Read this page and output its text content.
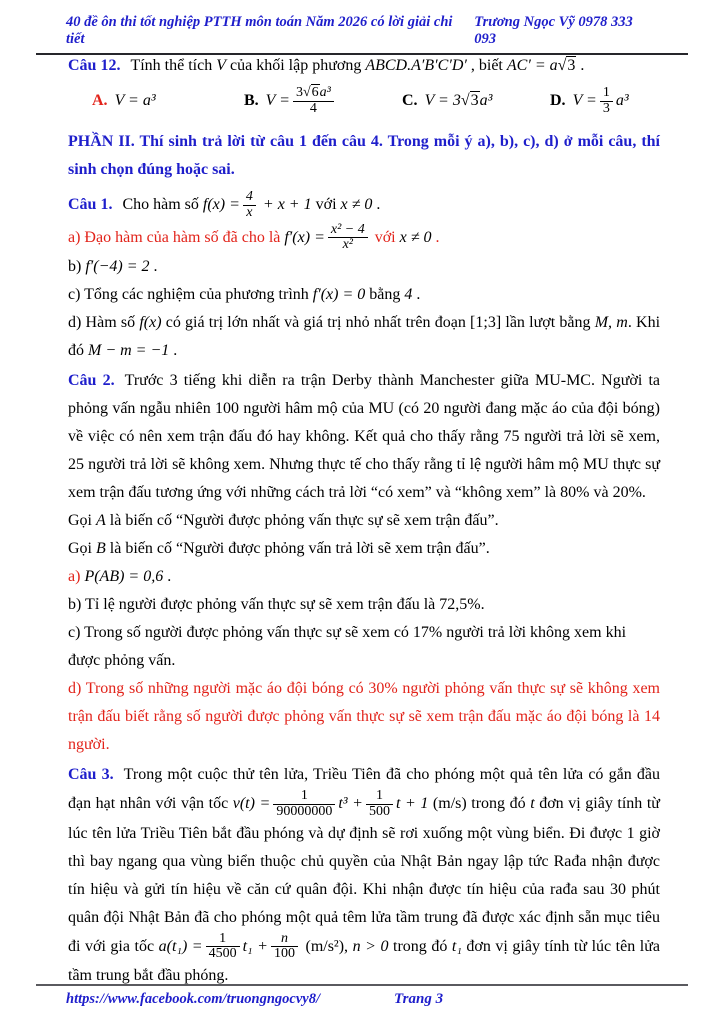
40 đề ôn thi tốt nghiệp PTTH môn toán Năm 2026 có lời giải chi tiết
Trương Ngọc Vỹ 0978 333 093

Câu 12. Tính thể tích V của khối lập phương ABCD.A′B′C′D′ , biết AC′ = a√3 .

A. V = a³	B. $V = \frac{\text{3√6a³}}{4}$	C. V = 3√3a³	D. $V = \frac{1}{3} a^3$

PHẦN II. Thí sinh trả lời từ câu 1 đến câu 4. Trong mỗi ý a), b), c), d) ở mỗi câu, thí sinh chọn đúng hoặc sai.

Câu 1. Cho hàm số $f(x) = \frac{4}{x} + x + 1$ với x ≠ 0 .

a) Đạo hàm của hàm số đã cho là $f'(x) = \frac{\text{x² − 4}}{\text{x²}}$ với x ≠ 0 .

b) f′(−4) = 2 .

c) Tổng các nghiệm của phương trình f′(x) = 0 bằng 4 .

d) Hàm số f(x) có giá trị lớn nhất và giá trị nhỏ nhất trên đoạn [1;3] lần lượt bằng M, m. Khi đó M − m = −1 .

Câu 2. Trước 3 tiếng khi diễn ra trận Derby thành Manchester giữa MU-MC. Người ta phỏng vấn ngẫu nhiên 100 người hâm mộ của MU (có 20 người đang mặc áo của đội bóng) về việc có nên xem trận đấu đó hay không. Kết quả cho thấy rằng 75 người trả lời sẽ xem, 25 người trả lời sẽ không xem. Nhưng thực tế cho thấy rằng tỉ lệ người hâm mộ MU thực sự xem trận đấu tương ứng với những cách trả lời “có xem” và “không xem” là 80% và 20%.

Gọi A là biến cố “Người được phỏng vấn thực sự sẽ xem trận đấu”.

Gọi B là biến cố “Người được phỏng vấn trả lời sẽ xem trận đấu”.

a) P(AB) = 0,6 .

b) Tỉ lệ người được phỏng vấn thực sự sẽ xem trận đấu là 72,5%.

c) Trong số người được phỏng vấn thực sự sẽ xem có 17% người trả lời không xem khi được phỏng vấn.

d) Trong số những người mặc áo đội bóng có 30% người phỏng vấn thực sự sẽ không xem trận đấu biết rằng số người được phỏng vấn thực sự sẽ xem trận đấu mặc áo đội bóng là 14 người.

Câu 3. Trong một cuộc thử tên lửa, Triều Tiên đã cho phóng một quả tên lửa có gắn đầu đạn hạt nhân với vận tốc $v(t) = \frac{1}{90000000} t^3 + \frac{1}{500}$ t + 1 (m/s) trong đó t đơn vị giây tính từ lúc tên lửa Triều Tiên bắt đầu phóng và dự định sẽ rơi xuống một vùng biển. Đi được 1 giờ thì bay ngang qua vùng biển thuộc chủ quyền của Nhật Bản ngay lập tức Rađa nhận được tín hiệu và gửi tín hiệu về căn cứ quân đội. Khi nhận được tín hiệu của rađa sau 30 phút quân đội Nhật Bản đã cho phóng một quả têm lửa tầm trung đã được xác định sẵn mục tiêu đi với gia tốc $a(t_1) = \frac{1}{4500} t_1 + \frac{n}{100} (m/s^2)$, n > 0 trong đó t₁ đơn vị giây tính từ lúc tên lửa tầm trung bắt đầu phóng.

https://www.facebook.com/truongngocvy8/	Trang 3
